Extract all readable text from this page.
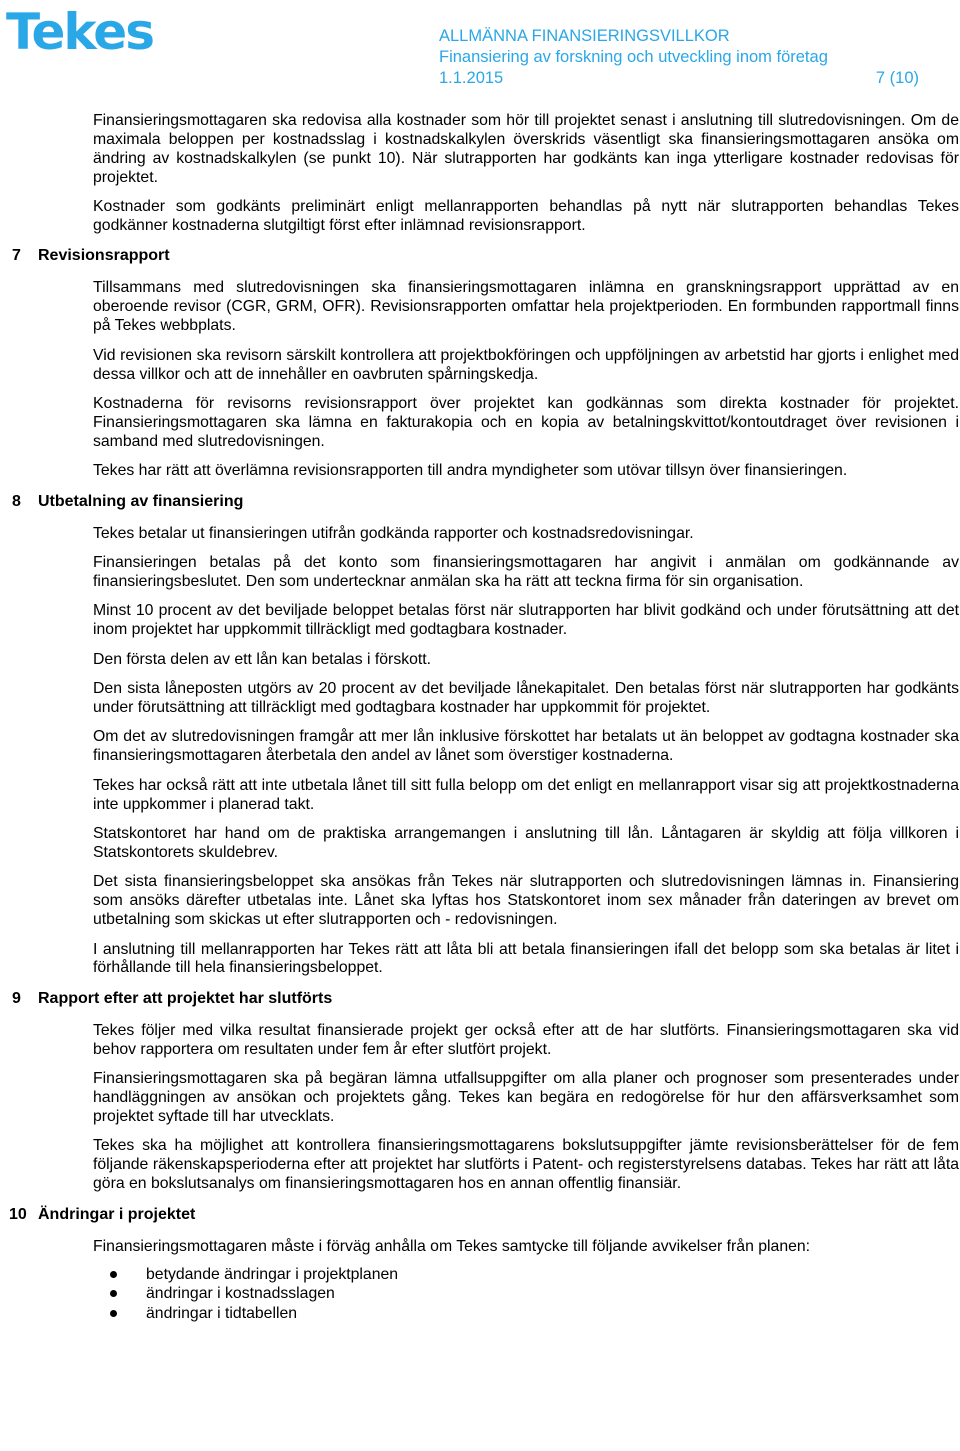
Tekes	ALLMÄNNA FINANSIERINGSVILLKOR
Finansiering av forskning och utveckling inom företag
1.1.2015	7 (10)

Finansieringsmottagaren ska redovisa alla kostnader som hör till projektet senast i anslutning till slutredovisningen. Om de maximala beloppen per kostnadsslag i kostnadskalkylen överskrids väsentligt ska finansieringsmottagaren ansöka om ändring av kostnadskalkylen (se punkt 10). När slutrapporten har godkänts kan inga ytterligare kostnader redovisas för projektet.

Kostnader som godkänts preliminärt enligt mellanrapporten behandlas på nytt när slutrapporten behandlas Tekes godkänner kostnaderna slutgiltigt först efter inlämnad revisionsrapport.

7	Revisionsrapport

Tillsammans med slutredovisningen ska finansieringsmottagaren inlämna en granskningsrapport upprättad av en oberoende revisor (CGR, GRM, OFR). Revisionsrapporten omfattar hela projektperioden. En formbunden rapportmall finns på Tekes webbplats.

Vid revisionen ska revisorn särskilt kontrollera att projektbokföringen och uppföljningen av arbetstid har gjorts i enlighet med dessa villkor och att de innehåller en oavbruten spårningskedja.

Kostnaderna för revisorns revisionsrapport över projektet kan godkännas som direkta kostnader för projektet. Finansieringsmottagaren ska lämna en fakturakopia och en kopia av betalningskvittot/kontoutdraget över revisionen i samband med slutredovisningen.

Tekes har rätt att överlämna revisionsrapporten till andra myndigheter som utövar tillsyn över finansieringen.

8	Utbetalning av finansiering

Tekes betalar ut finansieringen utifrån godkända rapporter och kostnadsredovisningar.

Finansieringen betalas på det konto som finansieringsmottagaren har angivit i anmälan om godkännande av finansieringsbeslutet. Den som undertecknar anmälan ska ha rätt att teckna firma för sin organisation.

Minst 10 procent av det beviljade beloppet betalas först när slutrapporten har blivit godkänd och under förutsättning att det inom projektet har uppkommit tillräckligt med godtagbara kostnader.

Den första delen av ett lån kan betalas i förskott.

Den sista låneposten utgörs av 20 procent av det beviljade lånekapitalet. Den betalas först när slutrapporten har godkänts under förutsättning att tillräckligt med godtagbara kostnader har uppkommit för projektet.

Om det av slutredovisningen framgår att mer lån inklusive förskottet har betalats ut än beloppet av godtagna kostnader ska finansieringsmottagaren återbetala den andel av lånet som överstiger kostnaderna.

Tekes har också rätt att inte utbetala lånet till sitt fulla belopp om det enligt en mellanrapport visar sig att projektkostnaderna inte uppkommer i planerad takt.

Statskontoret har hand om de praktiska arrangemangen i anslutning till lån. Låntagaren är skyldig att följa villkoren i Statskontorets skuldebrev.

Det sista finansieringsbeloppet ska ansökas från Tekes när slutrapporten och slutredovisningen lämnas in. Finansiering som ansöks därefter utbetalas inte. Lånet ska lyftas hos Statskontoret inom sex månader från dateringen av brevet om utbetalning som skickas ut efter slutrapporten och - redovisningen.

I anslutning till mellanrapporten har Tekes rätt att låta bli att betala finansieringen ifall det belopp som ska betalas är litet i förhållande till hela finansieringsbeloppet.

9	Rapport efter att projektet har slutförts

Tekes följer med vilka resultat finansierade projekt ger också efter att de har slutförts. Finansieringsmottagaren ska vid behov rapportera om resultaten under fem år efter slutfört projekt.

Finansieringsmottagaren ska på begäran lämna utfallsuppgifter om alla planer och prognoser som presenterades under handläggningen av ansökan och projektets gång. Tekes kan begära en redogörelse för hur den affärsverksamhet som projektet syftade till har utvecklats.

Tekes ska ha möjlighet att kontrollera finansieringsmottagarens bokslutsuppgifter jämte revisionsberättelser för de fem följande räkenskapsperioderna efter att projektet har slutförts i Patent- och registerstyrelsens databas. Tekes har rätt att låta göra en bokslutsanalys om finansieringsmottagaren hos en annan offentlig finansiär.

10 Ändringar i projektet

Finansieringsmottagaren måste i förväg anhålla om Tekes samtycke till följande avvikelser från planen:

betydande ändringar i projektplanen
ändringar i kostnadsslagen
ändringar i tidtabellen
